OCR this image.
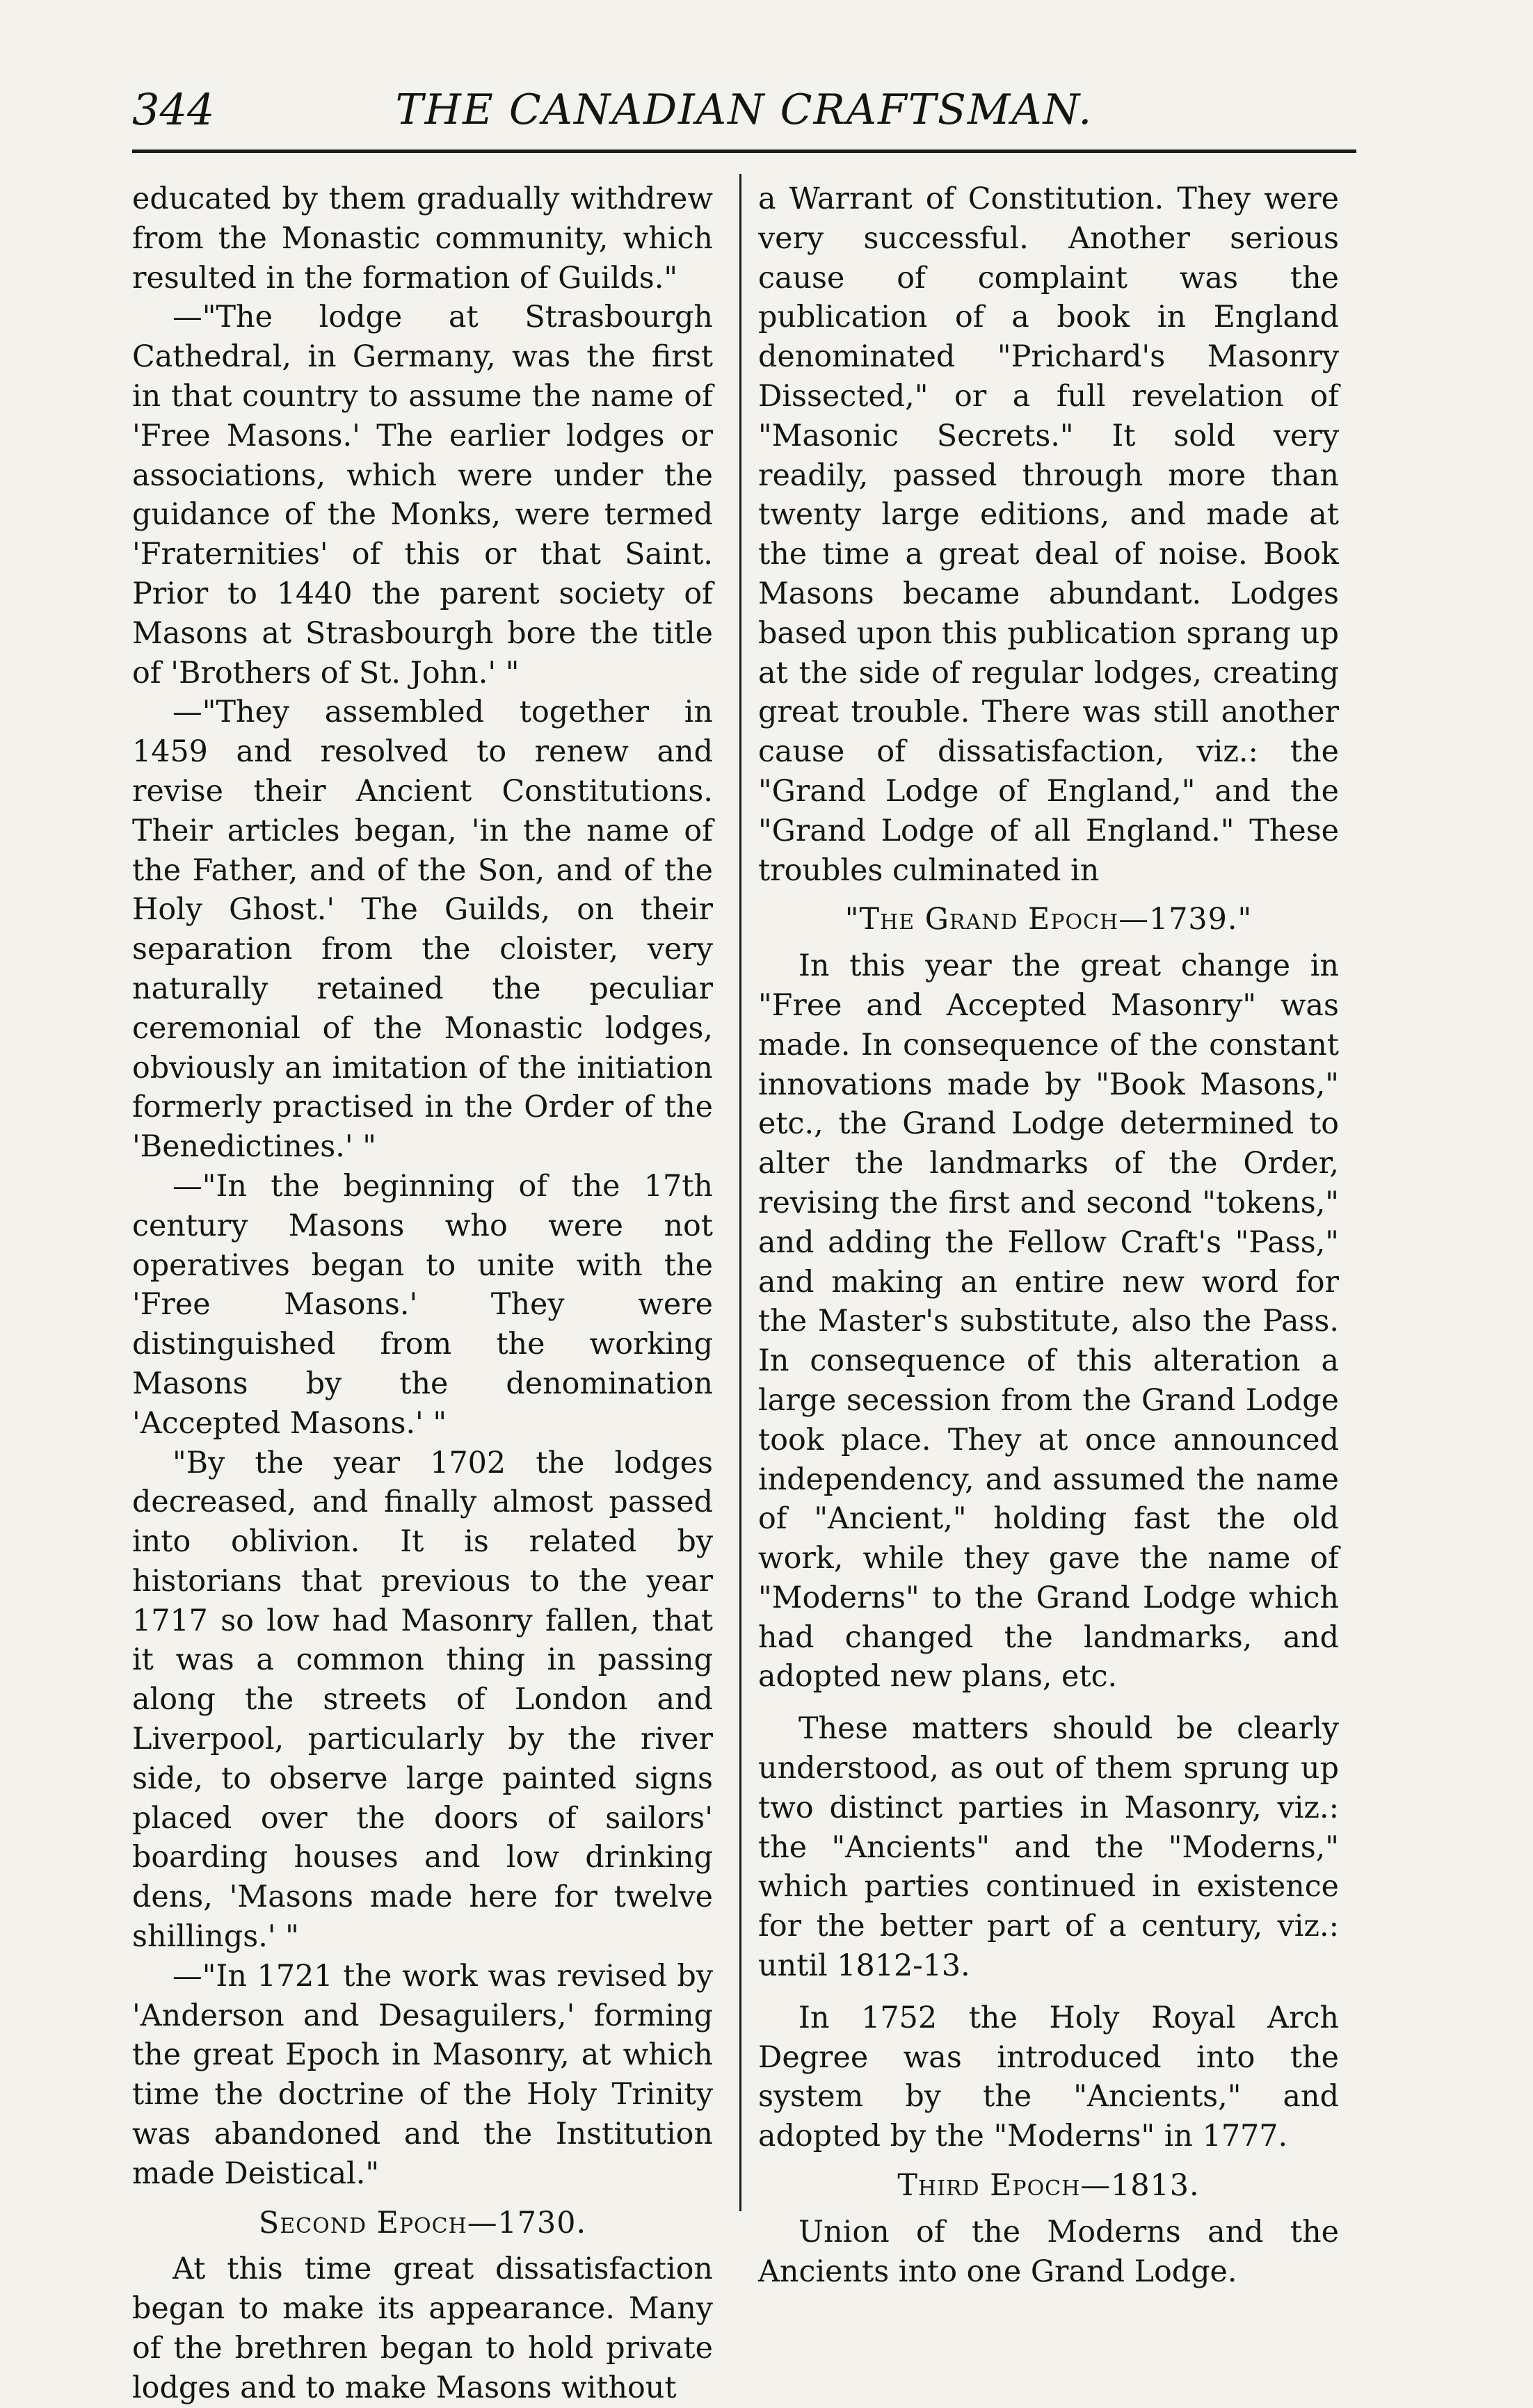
344	THE CANADIAN CRAFTSMAN.

educated by them gradually withdrew from the Monastic community, which resulted in the formation of Guilds."

—"The lodge at Strasbourgh Cathedral, in Germany, was the first in that country to assume the name of 'Free Masons.' The earlier lodges or associations, which were under the guidance of the Monks, were termed 'Fraternities' of this or that Saint. Prior to 1440 the parent society of Masons at Strasbourgh bore the title of 'Brothers of St. John.' "

—"They assembled together in 1459 and resolved to renew and revise their Ancient Constitutions. Their articles began, 'in the name of the Father, and of the Son, and of the Holy Ghost.' The Guilds, on their separation from the cloister, very naturally retained the peculiar ceremonial of the Monastic lodges, obviously an imitation of the initiation formerly practised in the Order of the 'Benedictines.' "

—"In the beginning of the 17th century Masons who were not operatives began to unite with the 'Free Masons.' They were distinguished from the working Masons by the denomination 'Accepted Masons.' "

"By the year 1702 the lodges decreased, and finally almost passed into oblivion. It is related by historians that previous to the year 1717 so low had Masonry fallen, that it was a common thing in passing along the streets of London and Liverpool, particularly by the river side, to observe large painted signs placed over the doors of sailors' boarding houses and low drinking dens, 'Masons made here for twelve shillings.' "

—"In 1721 the work was revised by 'Anderson and Desaguilers,' forming the great Epoch in Masonry, at which time the doctrine of the Holy Trinity was abandoned and the Institution made Deistical."

Second Epoch—1730.

At this time great dissatisfaction began to make its appearance. Many of the brethren began to hold private lodges and to make Masons without

a Warrant of Constitution. They were very successful. Another serious cause of complaint was the publication of a book in England denominated "Prichard's Masonry Dissected," or a full revelation of "Masonic Secrets." It sold very readily, passed through more than twenty large editions, and made at the time a great deal of noise. Book Masons became abundant. Lodges based upon this publication sprang up at the side of regular lodges, creating great trouble. There was still another cause of dissatisfaction, viz.: the "Grand Lodge of England," and the "Grand Lodge of all England." These troubles culminated in

"The Grand Epoch—1739."

In this year the great change in "Free and Accepted Masonry" was made. In consequence of the constant innovations made by "Book Masons," etc., the Grand Lodge determined to alter the landmarks of the Order, revising the first and second "tokens," and adding the Fellow Craft's "Pass," and making an entire new word for the Master's substitute, also the Pass. In consequence of this alteration a large secession from the Grand Lodge took place. They at once announced independency, and assumed the name of "Ancient," holding fast the old work, while they gave the name of "Moderns" to the Grand Lodge which had changed the landmarks, and adopted new plans, etc.

These matters should be clearly understood, as out of them sprung up two distinct parties in Masonry, viz.: the "Ancients" and the "Moderns," which parties continued in existence for the better part of a century, viz.: until 1812-13.

In 1752 the Holy Royal Arch Degree was introduced into the system by the "Ancients," and adopted by the "Moderns" in 1777.

Third Epoch—1813.

Union of the Moderns and the Ancients into one Grand Lodge.
